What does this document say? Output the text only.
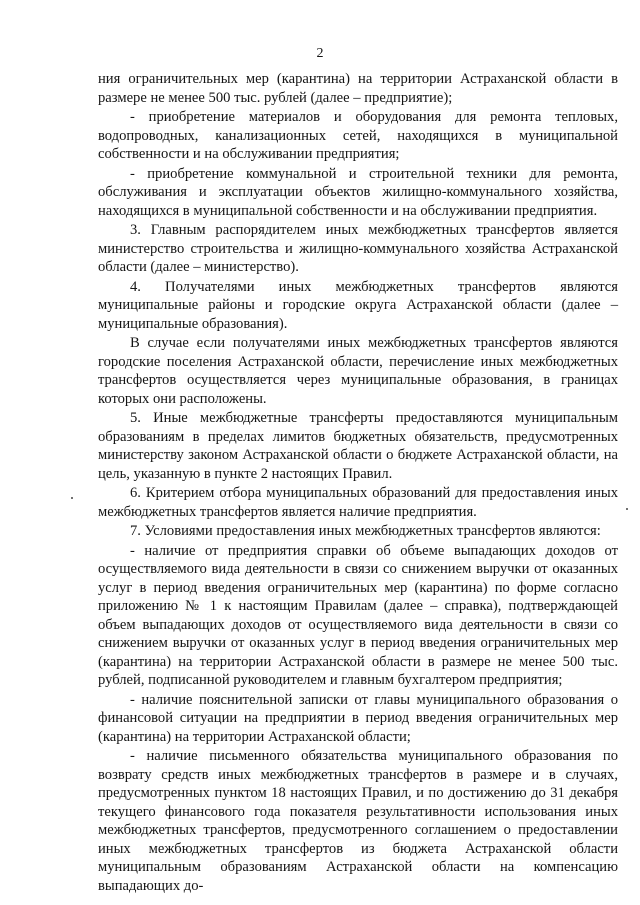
2

ния ограничительных мер (карантина) на территории Астраханской области в размере не менее 500 тыс. рублей (далее – предприятие);

- приобретение материалов и оборудования для ремонта тепловых, водопроводных, канализационных сетей, находящихся в муниципальной собственности и на обслуживании предприятия;

- приобретение коммунальной и строительной техники для ремонта, обслуживания и эксплуатации объектов жилищно-коммунального хозяйства, находящихся в муниципальной собственности и на обслуживании предприятия.

3. Главным распорядителем иных межбюджетных трансфертов является министерство строительства и жилищно-коммунального хозяйства Астраханской области (далее – министерство).

4. Получателями иных межбюджетных трансфертов являются муниципальные районы и городские округа Астраханской области (далее – муниципальные образования).

В случае если получателями иных межбюджетных трансфертов являются городские поселения Астраханской области, перечисление иных межбюджетных трансфертов осуществляется через муниципальные образования, в границах которых они расположены.

5. Иные межбюджетные трансферты предоставляются муниципальным образованиям в пределах лимитов бюджетных обязательств, предусмотренных министерству законом Астраханской области о бюджете Астраханской области, на цель, указанную в пункте 2 настоящих Правил.

6. Критерием отбора муниципальных образований для предоставления иных межбюджетных трансфертов является наличие предприятия.

7. Условиями предоставления иных межбюджетных трансфертов являются:

- наличие от предприятия справки об объеме выпадающих доходов от осуществляемого вида деятельности в связи со снижением выручки от оказанных услуг в период введения ограничительных мер (карантина) по форме согласно приложению № 1 к настоящим Правилам (далее – справка), подтверждающей объем выпадающих доходов от осуществляемого вида деятельности в связи со снижением выручки от оказанных услуг в период введения ограничительных мер (карантина) на территории Астраханской области в размере не менее 500 тыс. рублей, подписанной руководителем и главным бухгалтером предприятия;

- наличие пояснительной записки от главы муниципального образования о финансовой ситуации на предприятии в период введения ограничительных мер (карантина) на территории Астраханской области;

- наличие письменного обязательства муниципального образования по возврату средств иных межбюджетных трансфертов в размере и в случаях, предусмотренных пунктом 18 настоящих Правил, и по достижению до 31 декабря текущего финансового года показателя результативности использования иных межбюджетных трансфертов, предусмотренного соглашением о предоставлении иных межбюджетных трансфертов из бюджета Астраханской области муниципальным образованиям Астраханской области на компенсацию выпадающих до-
